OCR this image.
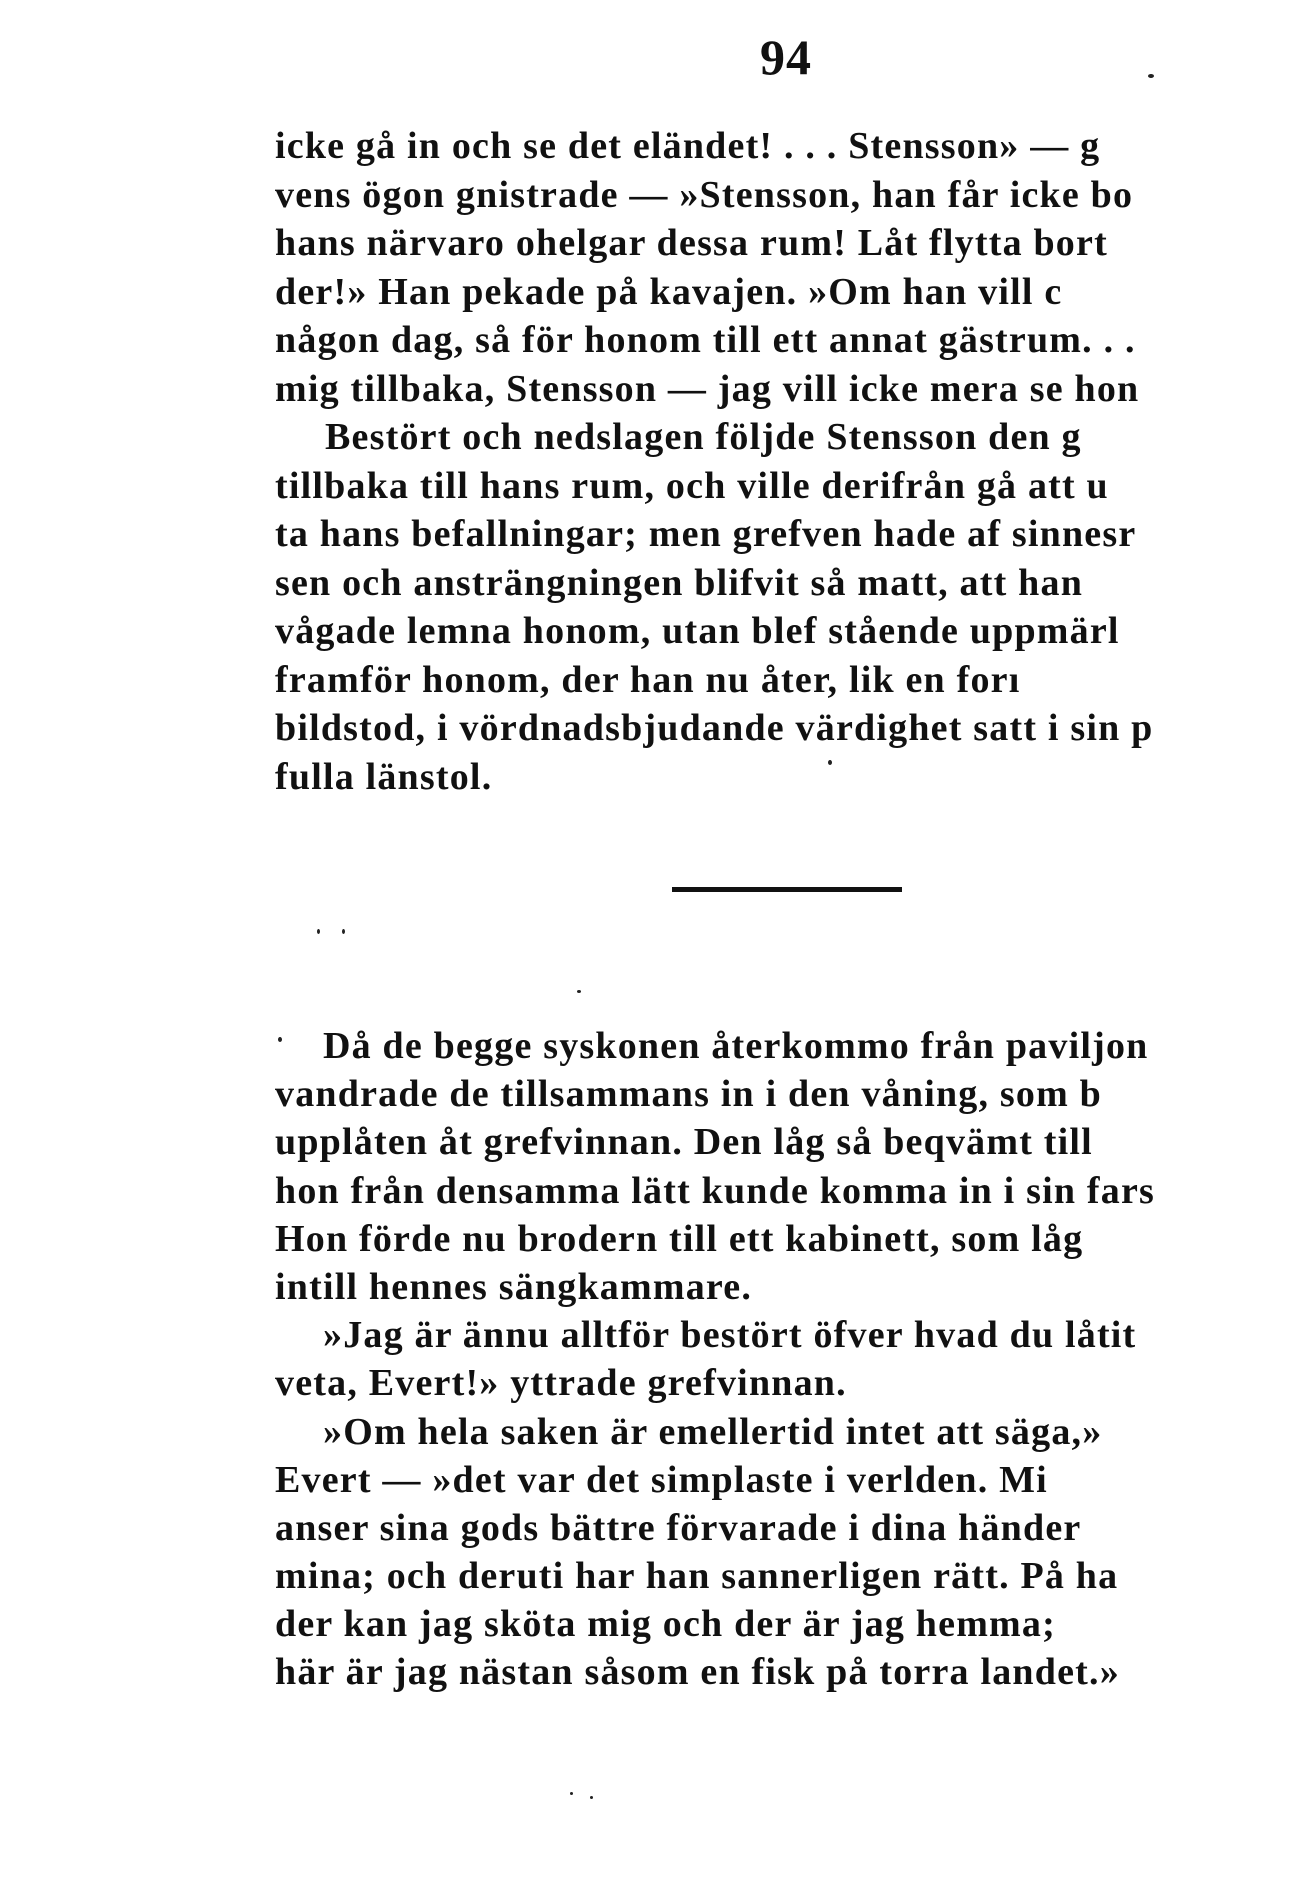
94
icke gå in och se det eländet! . . . Stensson» — g
vens ögon gnistrade — »Stensson, han får icke bo
hans närvaro ohelgar dessa rum! Låt flytta bort
der!» Han pekade på kavajen. »Om han vill c
någon dag, så för honom till ett annat gästrum. . .
mig tillbaka, Stensson — jag vill icke mera se hon
Bestört och nedslagen följde Stensson den g
tillbaka till hans rum, och ville derifrån gå att u
ta hans befallningar; men grefven hade af sinnesr
sen och ansträngningen blifvit så matt, att han
vågade lemna honom, utan blef stående uppmärl
framför honom, der han nu åter, lik en forı
bildstod, i vördnadsbjudande värdighet satt i sin p
fulla länstol.
Då de begge syskonen återkommo från paviljon
vandrade de tillsammans in i den våning, som b
upplåten åt grefvinnan. Den låg så beqvämt till
hon från densamma lätt kunde komma in i sin fars
Hon förde nu brodern till ett kabinett, som låg
intill hennes sängkammare.
»Jag är ännu alltför bestört öfver hvad du låtit
veta, Evert!» yttrade grefvinnan.
»Om hela saken är emellertid intet att säga,»
Evert — »det var det simplaste i verlden. Mi
anser sina gods bättre förvarade i dina händer
mina; och deruti har han sannerligen rätt. På ha
der kan jag sköta mig och der är jag hemma;
här är jag nästan såsom en fisk på torra landet.»
